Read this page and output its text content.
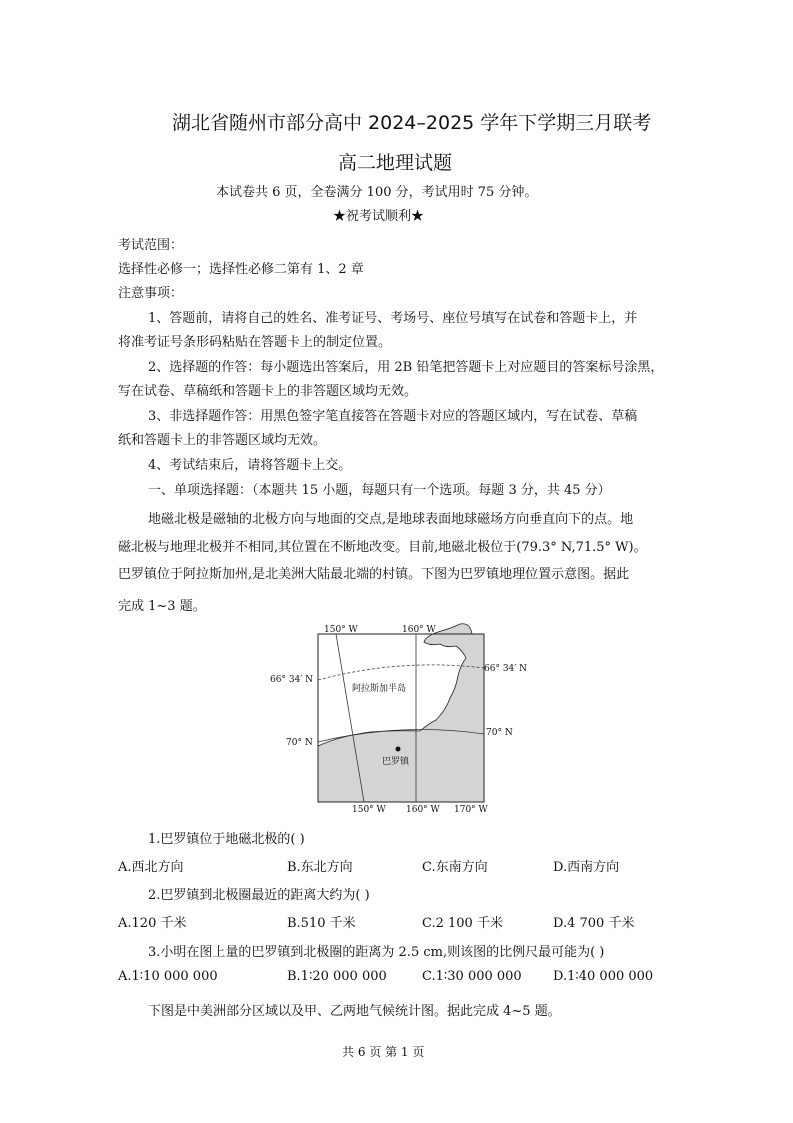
湖北省随州市部分高中 2024–2025 学年下学期三月联考
高二地理试题
本试卷共 6 页，全卷满分 100 分，考试用时 75 分钟。
★祝考试顺利★
考试范围：
选择性必修一；选择性必修二第有 1、2 章
注意事项：
1、答题前，请将自己的姓名、准考证号、考场号、座位号填写在试卷和答题卡上，并
将准考证号条形码粘贴在答题卡上的制定位置。
2、选择题的作答：每小题选出答案后，用 2B 铅笔把答题卡上对应题目的答案标号涂黑，
写在试卷、草稿纸和答题卡上的非答题区域均无效。
3、非选择题作答：用黑色签字笔直接答在答题卡对应的答题区域内，写在试卷、草稿
纸和答题卡上的非答题区域均无效。
4、考试结束后，请将答题卡上交。
一、单项选择题：（本题共 15 小题，每题只有一个选项。每题 3 分，共 45 分）
地磁北极是磁轴的北极方向与地面的交点,是地球表面地球磁场方向垂直向下的点。地
磁北极与地理北极并不相同,其位置在不断地改变。目前,地磁北极位于(79.3° N,71.5° W)。
巴罗镇位于阿拉斯加州,是北美洲大陆最北端的村镇。下图为巴罗镇地理位置示意图。据此
完成 1~3 题。
150° W	160° W
150° W 160° W 170° W
66° 34′ N
66° 34′ N
70° N
70° N
阿拉斯加半岛
巴罗镇
1.巴罗镇位于地磁北极的( )
A.西北方向	B.东北方向	C.东南方向	D.西南方向
2.巴罗镇到北极圈最近的距离大约为( )
A.120 千米	B.510 千米	C.2 100 千米	D.4 700 千米
3.小明在图上量的巴罗镇到北极圈的距离为 2.5 cm,则该图的比例尺最可能为( )
A.1∶10 000 000	B.1∶20 000 000	C.1∶30 000 000 D.1∶40 000 000
下图是中美洲部分区域以及甲、乙两地气候统计图。据此完成 4~5 题。
共 6 页 第 1 页
